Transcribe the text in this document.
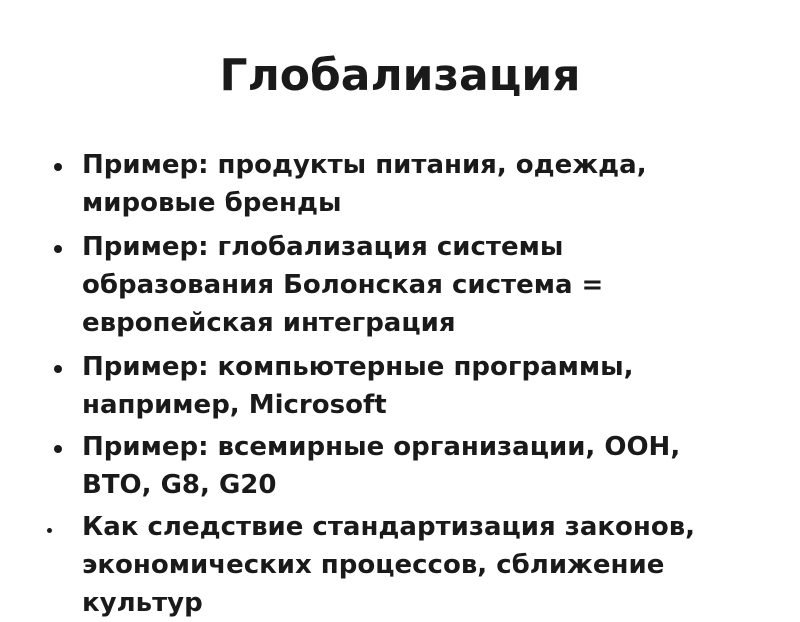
Глобализация
Пример: продукты питания, одежда,
мировые бренды
Пример: глобализация системы
образования Болонская система =
европейская интеграция
Пример: компьютерные программы,
например, Microsoft
Пример: всемирные организации, ООН,
ВТО, G8, G20
Как следствие стандартизация законов,
экономических процессов, сближение
культур
